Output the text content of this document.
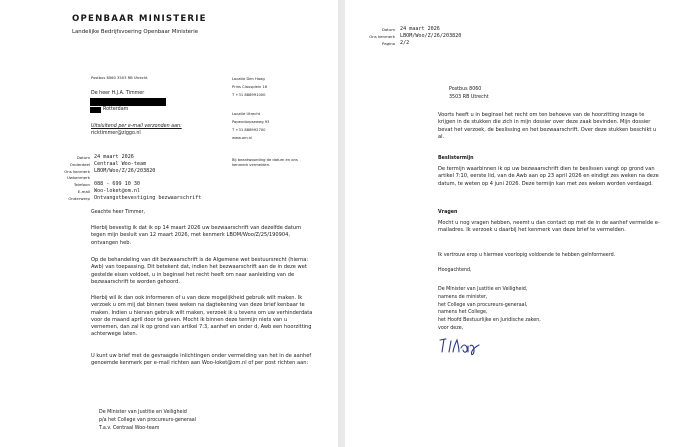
OPENBAAR MINISTERIE
Landelijke Bedrijfsvoering Openbaar Ministerie
Postbus 8060 3503 RB Utrecht
De heer H.J.A. Timmer
Rotterdam
Uitsluitend per e-mail verzonden aan:
ricktimmer@ziggo.nl
Locatie Den Haag
Prins Clausplein 16
T +31 888991000
Locatie Utrecht
Papendorpseweg 93
T +31 888992700
www.om.nl
Datum
Onderdeel
Ons kenmerk
Uwkenmerk
Telefoon
E-mail
Onderwerp
24 maart 2026
Centraal Woo-team
LBOM/Woo/Z/26/203820
088 - 699 10 30
Woo-loket@om.nl
Ontvangstbevestiging bezwaarschrift
Bij beantwoording de datum en ons kenmerk vermelden.
Geachte heer Timmer,
Hierbij bevestig ik dat ik op 14 maart 2026 uw bezwaarschrift van dezelfde datum tegen mijn besluit van 12 maart 2026, met kenmerk LBOM/Woo/Z/25/190904, ontvangen heb.
Op de behandeling van dit bezwaarschrift is de Algemene wet bestuursrecht (hierna: Awb) van toepassing. Dit betekent dat, indien het bezwaarschrift aan de in deze wet gestelde eisen voldoet, u in beginsel het recht heeft om naar aanleiding van de bezwaarschrift te worden gehoord.
Hierbij wil ik dan ook informeren of u van deze mogelijkheid gebruik wilt maken. Ik verzoek u om mij dat binnen twee weken na dagtekening van deze brief kenbaar te maken. Indien u hiervan gebruik wilt maken, verzoek ik u tevens om uw verhinderdata voor de maand april door te geven. Mocht ik binnen deze termijn niets van u vernemen, dan zal ik op grond van artikel 7:3, aanhef en onder d, Awb een hoorzitting achterwege laten.
U kunt uw brief met de gevraagde inlichtingen onder vermelding van het in de aanhef genoemde kenmerk per e-mail richten aan Woo-loket@om.nl of per post richten aan:
De Minister van Justitie en Veiligheid
p/a het College van procureurs-generaal
T.a.v. Centraal Woo-team
Datum
Ons kenmerk
Pagina
24 maart 2026
LBOM/Woo/Z/26/203820
2/2
Postbus 8060
3503 RB Utrecht
Voorts heeft u in beginsel het recht om ten behoeve van de hoorzitting inzage te krijgen in de stukken die zich in mijn dossier over deze zaak bevinden. Mijn dossier bevat het verzoek, de beslissing en het bezwaarschrift. Over deze stukken beschikt u al.
Beslistermijn
De termijn waarbinnen ik op uw bezwaarschrift dien te beslissen vangt op grond van artikel 7:10, eerste lid, van de Awb aan op 23 april 2026 en eindigt zes weken na deze datum, te weten op 4 juni 2026. Deze termijn kan met zes weken worden verdaagd.
Vragen
Mocht u nog vragen hebben, neemt u dan contact op met de in de aanhef vermelde e-mailadres. Ik verzoek u daarbij het kenmerk van deze brief te vermelden.
Ik vertrouw erop u hiermee voorlopig voldoende te hebben geïnformeerd.
Hoogachtend,
De Minister van Justitie en Veiligheid,
namens de minister,
het College van procureurs-generaal,
namens het College,
het Hoofd Bestuurlijke en Juridische zaken,
voor deze,
